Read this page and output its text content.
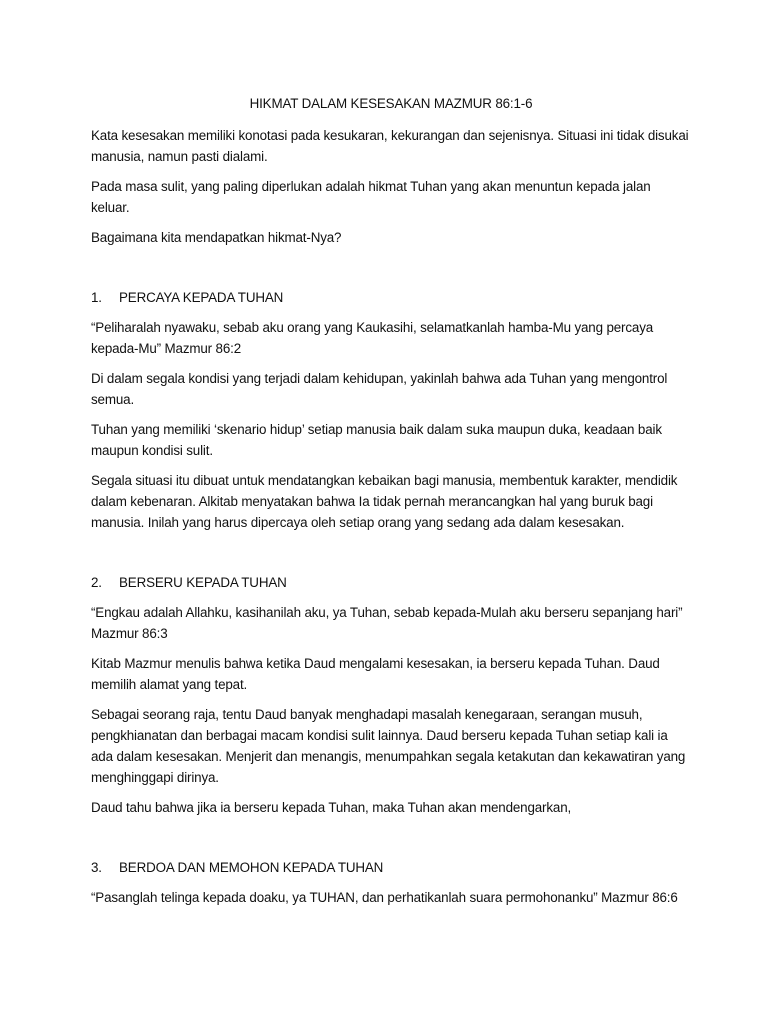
HIKMAT DALAM KESESAKAN MAZMUR 86:1-6

Kata kesesakan memiliki konotasi pada kesukaran, kekurangan dan sejenisnya. Situasi ini tidak disukai manusia, namun pasti dialami.

Pada masa sulit, yang paling diperlukan adalah hikmat Tuhan yang akan menuntun kepada jalan keluar.

Bagaimana kita mendapatkan hikmat-Nya?

1.	PERCAYA KEPADA TUHAN

“Peliharalah nyawaku, sebab aku orang yang Kaukasihi, selamatkanlah hamba-Mu yang percaya kepada-Mu” Mazmur 86:2

Di dalam segala kondisi yang terjadi dalam kehidupan, yakinlah bahwa ada Tuhan yang mengontrol semua.

Tuhan yang memiliki ‘skenario hidup’ setiap manusia baik dalam suka maupun duka, keadaan baik maupun kondisi sulit.

Segala situasi itu dibuat untuk mendatangkan kebaikan bagi manusia, membentuk karakter, mendidik dalam kebenaran. Alkitab menyatakan bahwa Ia tidak pernah merancangkan hal yang buruk bagi manusia. Inilah yang harus dipercaya oleh setiap orang yang sedang ada dalam kesesakan.

2.	BERSERU KEPADA TUHAN

“Engkau adalah Allahku, kasihanilah aku, ya Tuhan, sebab kepada-Mulah aku berseru sepanjang hari” Mazmur 86:3

Kitab Mazmur menulis bahwa ketika Daud mengalami kesesakan, ia berseru kepada Tuhan. Daud memilih alamat yang tepat.

Sebagai seorang raja, tentu Daud banyak menghadapi masalah kenegaraan, serangan musuh, pengkhianatan dan berbagai macam kondisi sulit lainnya. Daud berseru kepada Tuhan setiap kali ia ada dalam kesesakan. Menjerit dan menangis, menumpahkan segala ketakutan dan kekawatiran yang menghinggapi dirinya.

Daud tahu bahwa jika ia berseru kepada Tuhan, maka Tuhan akan mendengarkan,

3.	BERDOA DAN MEMOHON KEPADA TUHAN

“Pasanglah telinga kepada doaku, ya TUHAN, dan perhatikanlah suara permohonanku” Mazmur 86:6
